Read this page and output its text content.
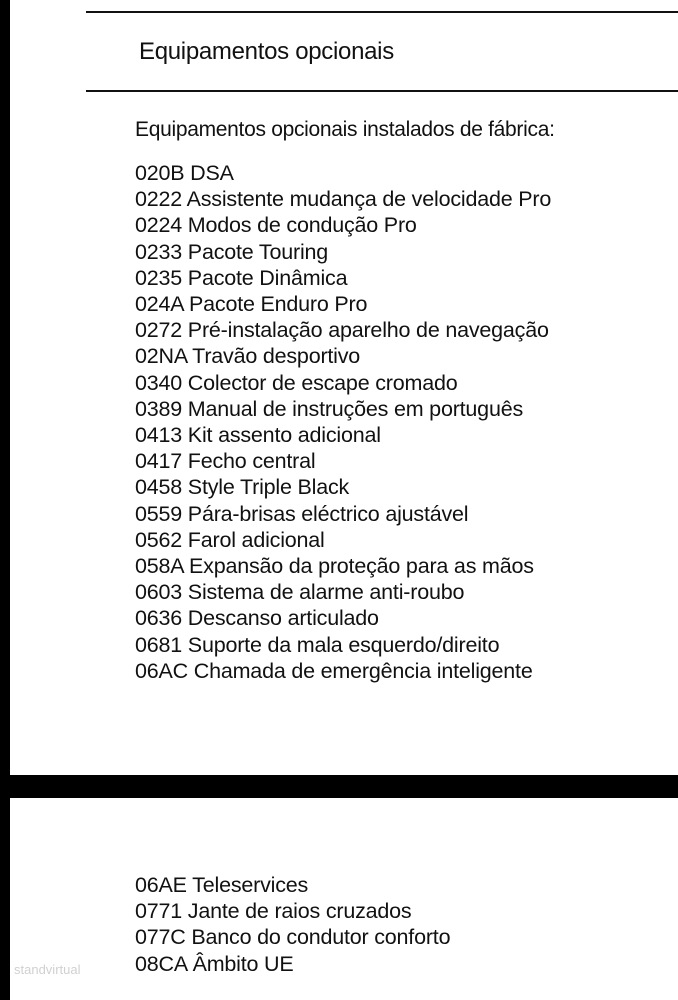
Equipamentos opcionais
Equipamentos opcionais instalados de fábrica:
020B DSA
0222 Assistente mudança de velocidade Pro
0224 Modos de condução Pro
0233 Pacote Touring
0235 Pacote Dinâmica
024A Pacote Enduro Pro
0272 Pré-instalação aparelho de navegação
02NA Travão desportivo
0340 Colector de escape cromado
0389 Manual de instruções em português
0413 Kit assento adicional
0417 Fecho central
0458 Style Triple Black
0559 Pára-brisas eléctrico ajustável
0562 Farol adicional
058A Expansão da proteção para as mãos
0603 Sistema de alarme anti-roubo
0636 Descanso articulado
0681 Suporte da mala esquerdo/direito
06AC Chamada de emergência inteligente
06AE Teleservices
0771 Jante de raios cruzados
077C Banco do condutor conforto
08CA Âmbito UE
standvirtual
